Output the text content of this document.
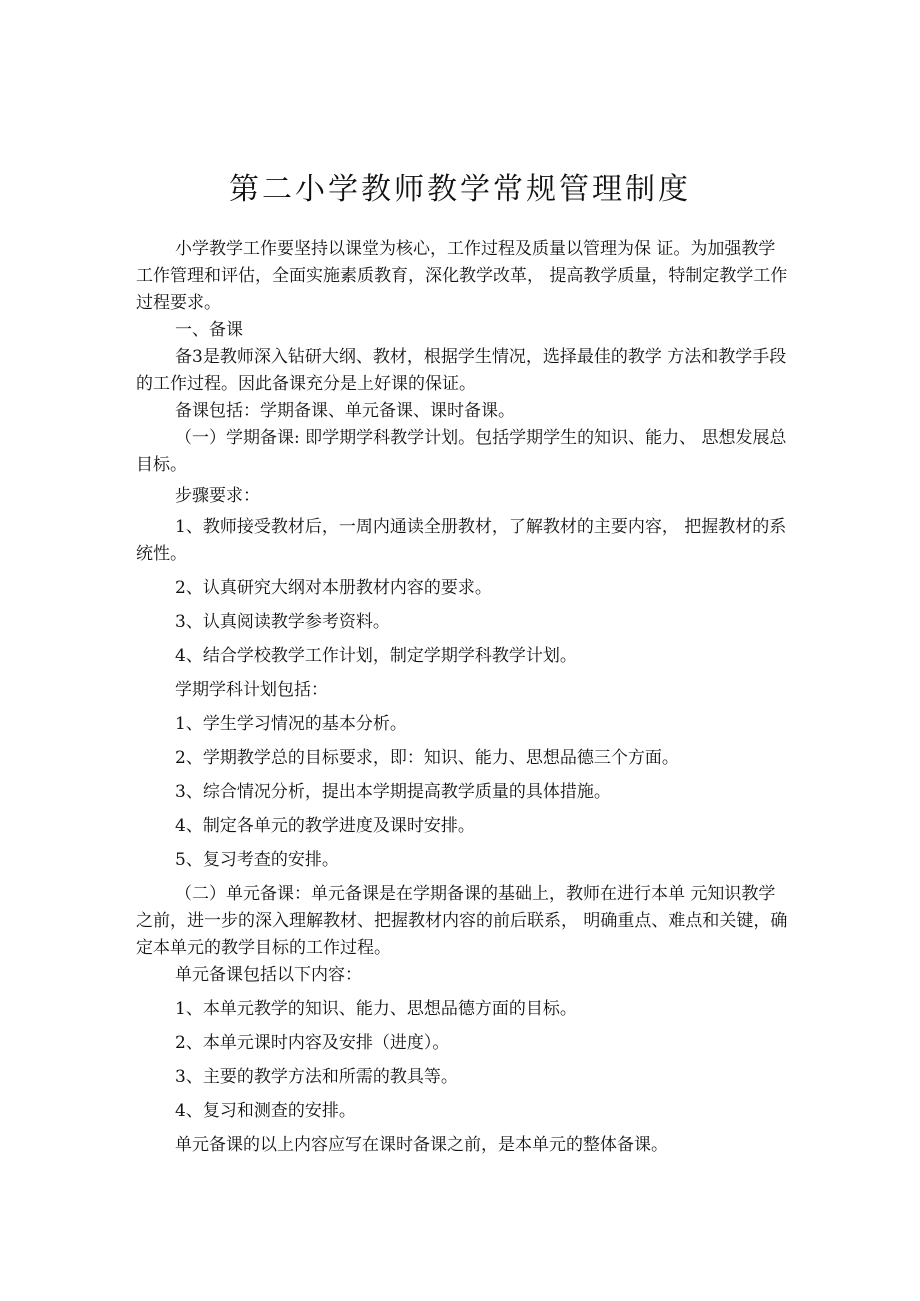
第二小学教师教学常规管理制度

小学教学工作要坚持以课堂为核心，工作过程及质量以管理为保 证。为加强教学工作管理和评估，全面实施素质教育，深化教学改革， 提高教学质量，特制定教学工作过程要求。

一、备课

备3是教师深入钻研大纲、教材，根据学生情况，选择最佳的教学 方法和教学手段的工作过程。因此备课充分是上好课的保证。

备课包括：学期备课、单元备课、课时备课。

（一）学期备课: 即学期学科教学计划。包括学期学生的知识、能力、 思想发展总目标。

步骤要求：

1、教师接受教材后，一周内通读全册教材，了解教材的主要内容， 把握教材的系统性。

2、认真研究大纲对本册教材内容的要求。

3、认真阅读教学参考资料。

4、结合学校教学工作计划，制定学期学科教学计划。

学期学科计划包括：

1、学生学习情况的基本分析。

2、学期教学总的目标要求，即：知识、能力、思想品德三个方面。

3、综合情况分析，提出本学期提高教学质量的具体措施。

4、制定各单元的教学进度及课时安排。

5、复习考查的安排。

（二）单元备课：单元备课是在学期备课的基础上，教师在进行本单 元知识教学之前，进一步的深入理解教材、把握教材内容的前后联系， 明确重点、难点和关键，确定本单元的教学目标的工作过程。

单元备课包括以下内容：

1、本单元教学的知识、能力、思想品德方面的目标。

2、本单元课时内容及安排（进度）。

3、主要的教学方法和所需的教具等。

4、复习和测查的安排。

单元备课的以上内容应写在课时备课之前，是本单元的整体备课。
